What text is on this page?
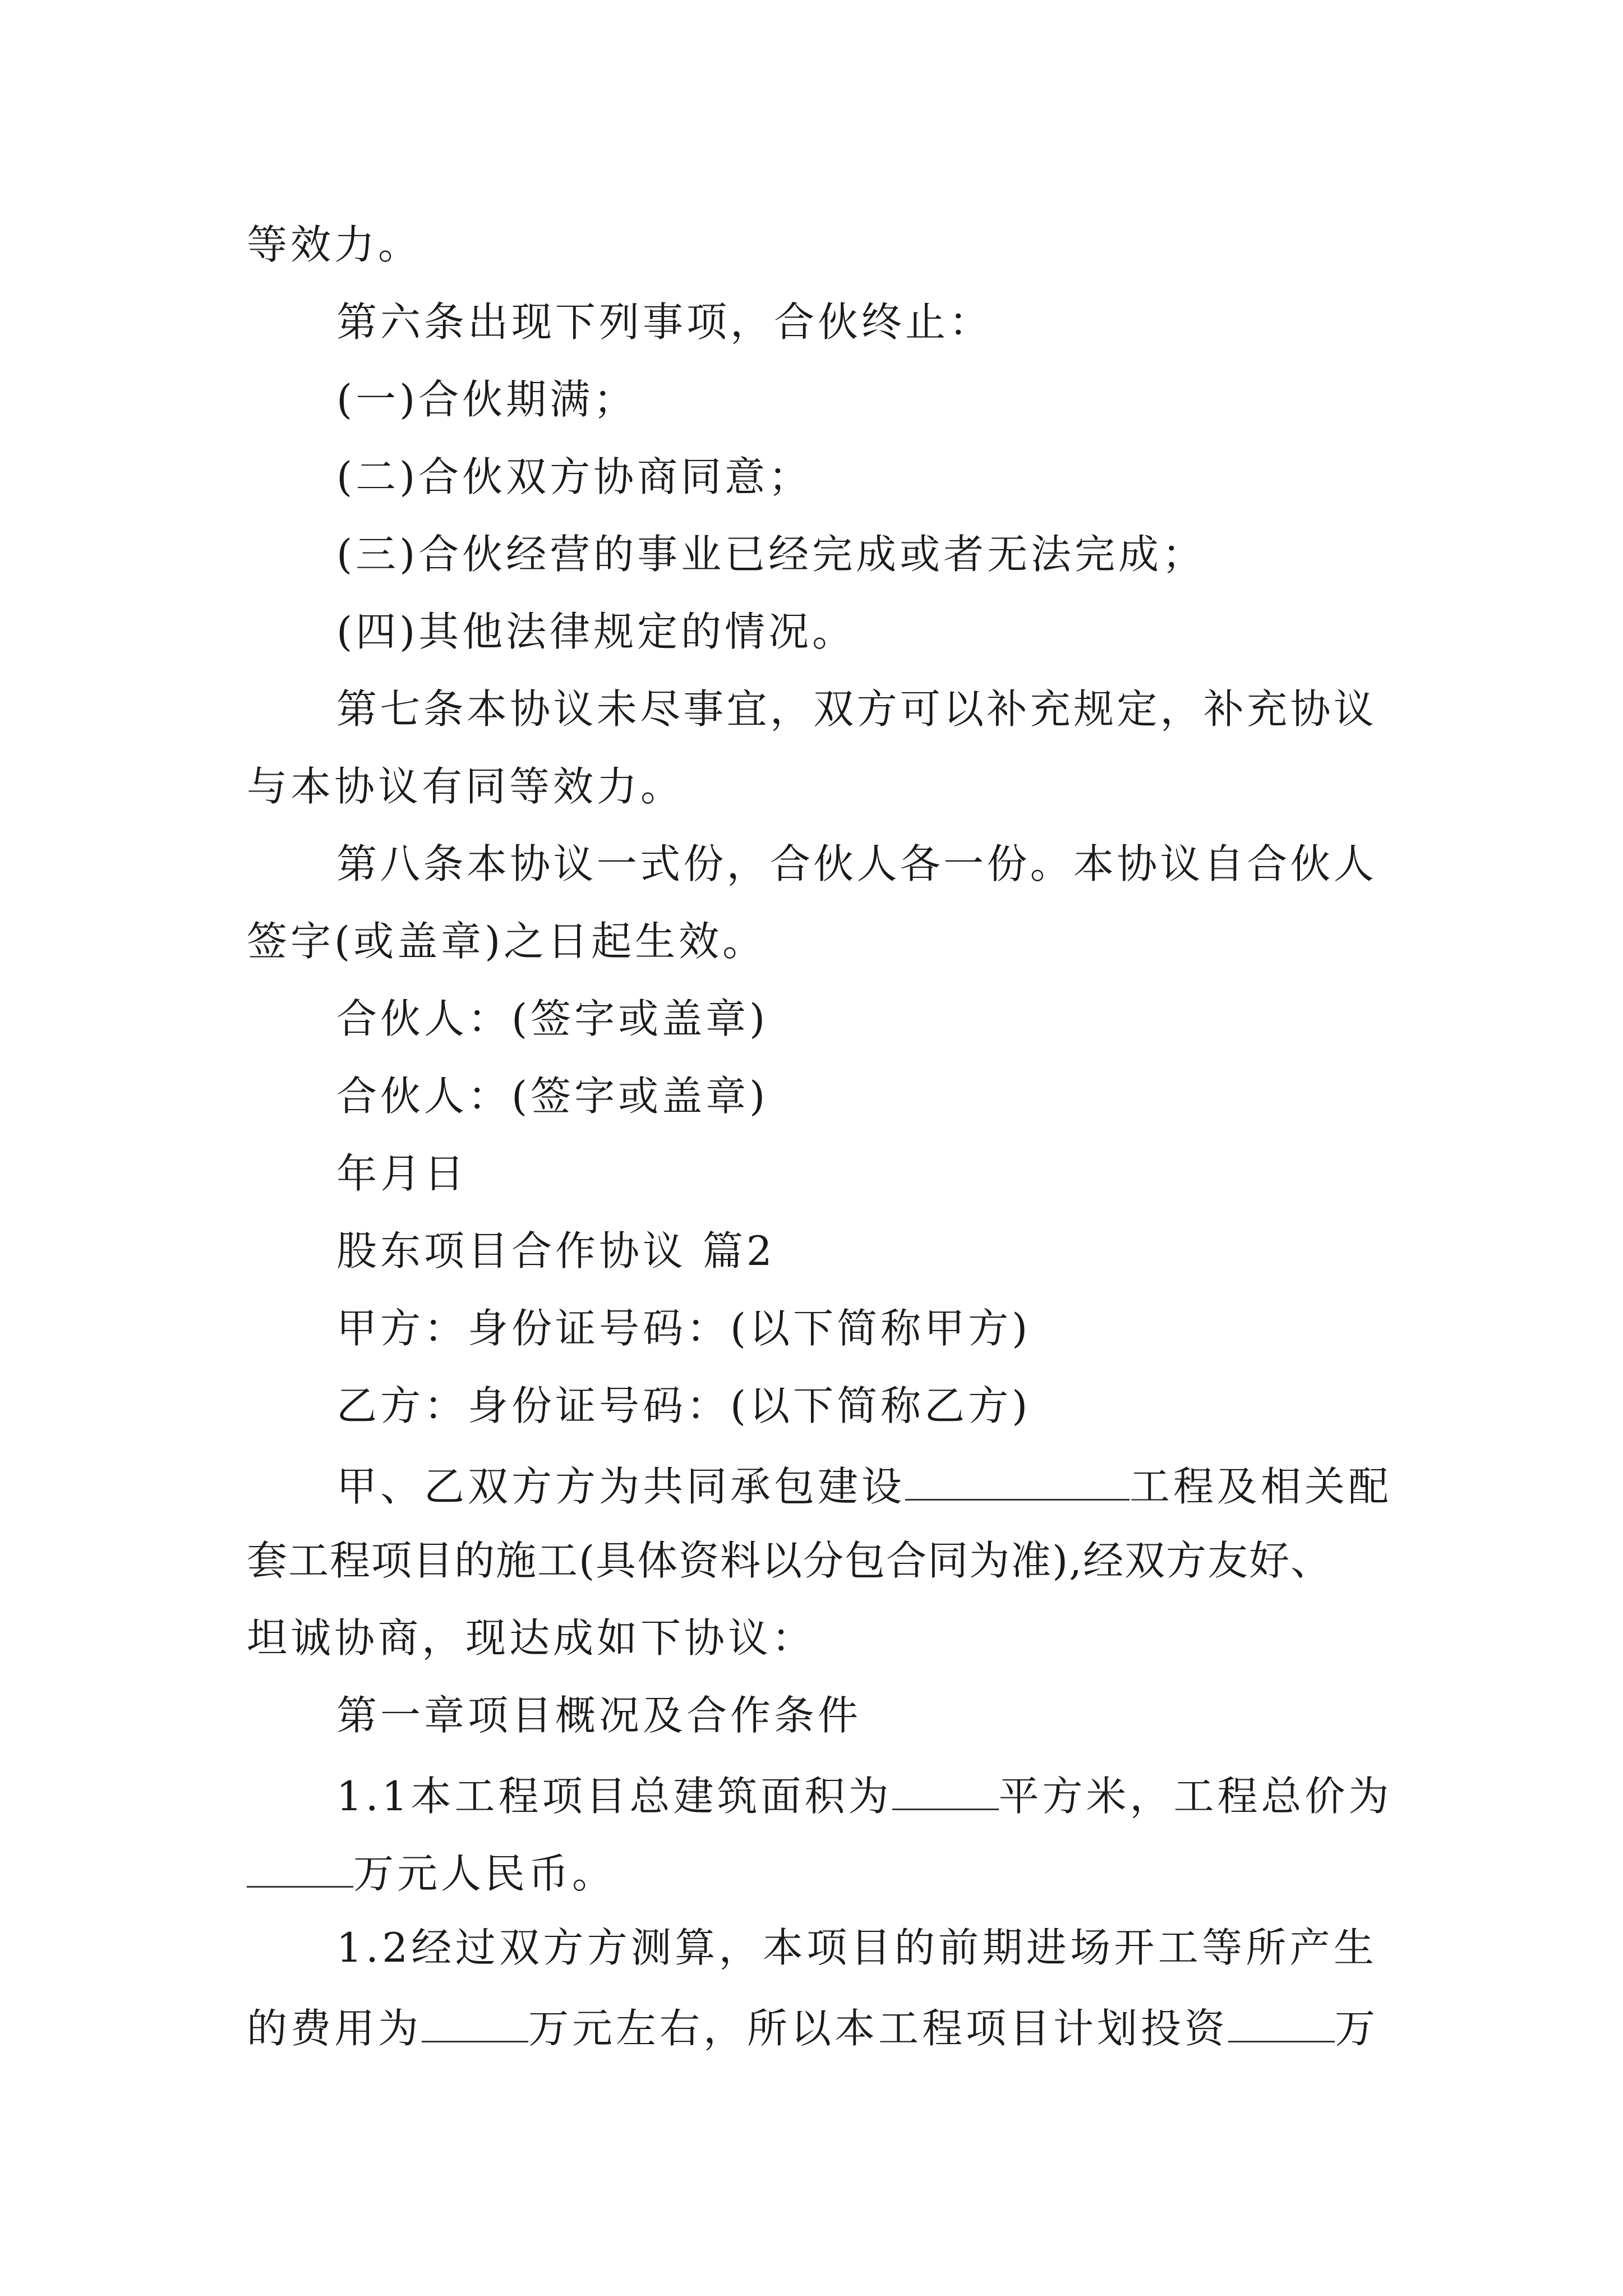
等效力。
第六条出现下列事项，合伙终止：
(一)合伙期满；
(二)合伙双方协商同意；
(三)合伙经营的事业已经完成或者无法完成；
(四)其他法律规定的情况。
第 七 条 本 协 议 未 尽 事 宜 ， 双 方 可 以 补 充 规 定 ， 补 充 协 议
与本协议有同等效力。
第 八 条 本 协 议 一 式 份 ， 合 伙 人 各 一 份 。 本 协 议 自 合 伙 人
签字(或盖章)之日起生效。
合伙人：(签字或盖章)
合伙人：(签字或盖章)
年月日
股东项目合作协议 篇2
甲方：身份证号码：(以下简称甲方)
乙方：身份证号码：(以下简称乙方)
甲、乙双方方为共同承包建设	工程及相关配
套工程项目的施工(具体资料以分包合同为准),经双方友好、
坦诚协商，现达成如下协议：
第一章项目概况及合作条件
1.1本工程项目总建筑面积为	平方米，工程总价为
万元人民币。
1 . 2 经 过 双 方 方 测 算 ， 本 项 目 的 前 期 进 场 开 工 等 所 产 生
的费用为	万元左右，所以本工程项目计划投资	万
